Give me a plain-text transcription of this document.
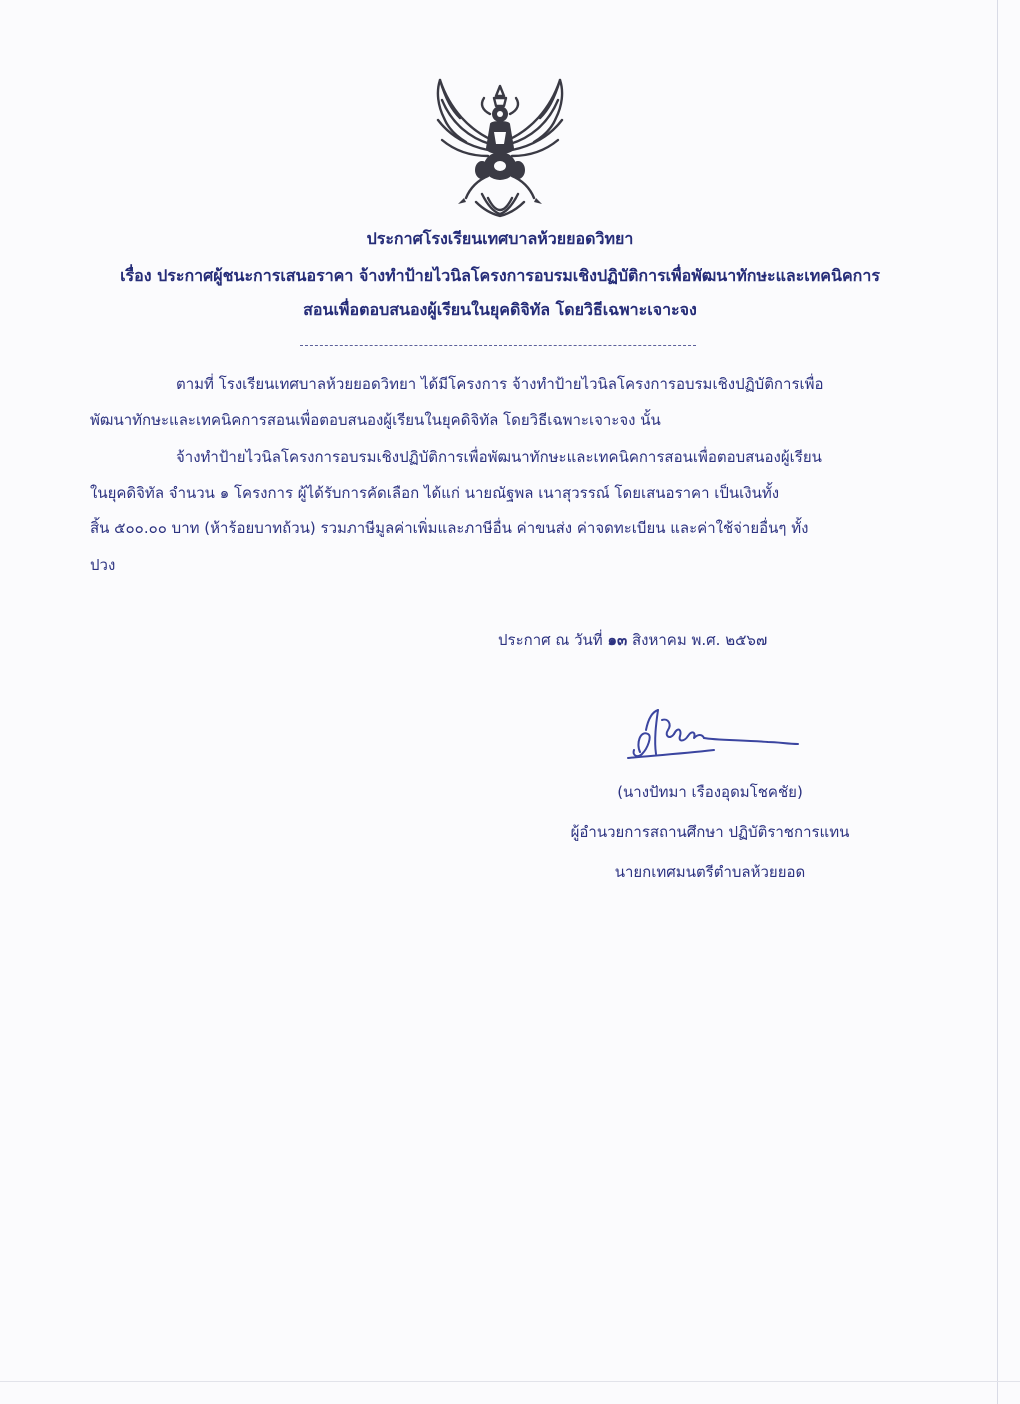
ประกาศโรงเรียนเทศบาลห้วยยอดวิทยา
เรื่อง ประกาศผู้ชนะการเสนอราคา จ้างทำป้ายไวนิลโครงการอบรมเชิงปฏิบัติการเพื่อพัฒนาทักษะและเทคนิคการ
สอนเพื่อตอบสนองผู้เรียนในยุคดิจิทัล โดยวิธีเฉพาะเจาะจง
ตามที่ โรงเรียนเทศบาลห้วยยอดวิทยา ได้มีโครงการ จ้างทำป้ายไวนิลโครงการอบรมเชิงปฏิบัติการเพื่อ
พัฒนาทักษะและเทคนิคการสอนเพื่อตอบสนองผู้เรียนในยุคดิจิทัล โดยวิธีเฉพาะเจาะจง นั้น
จ้างทำป้ายไวนิลโครงการอบรมเชิงปฏิบัติการเพื่อพัฒนาทักษะและเทคนิคการสอนเพื่อตอบสนองผู้เรียน
ในยุคดิจิทัล จำนวน ๑ โครงการ ผู้ได้รับการคัดเลือก ได้แก่ นายณัฐพล เนาสุวรรณ์ โดยเสนอราคา เป็นเงินทั้ง
สิ้น ๕๐๐.๐๐ บาท (ห้าร้อยบาทถ้วน) รวมภาษีมูลค่าเพิ่มและภาษีอื่น ค่าขนส่ง ค่าจดทะเบียน และค่าใช้จ่ายอื่นๆ ทั้ง
ปวง
ประกาศ ณ วันที่ ๑๓ สิงหาคม พ.ศ. ๒๕๖๗
(นางปัทมา เรืองอุดมโชคชัย)
ผู้อำนวยการสถานศึกษา ปฏิบัติราชการแทน
นายกเทศมนตรีตำบลห้วยยอด
